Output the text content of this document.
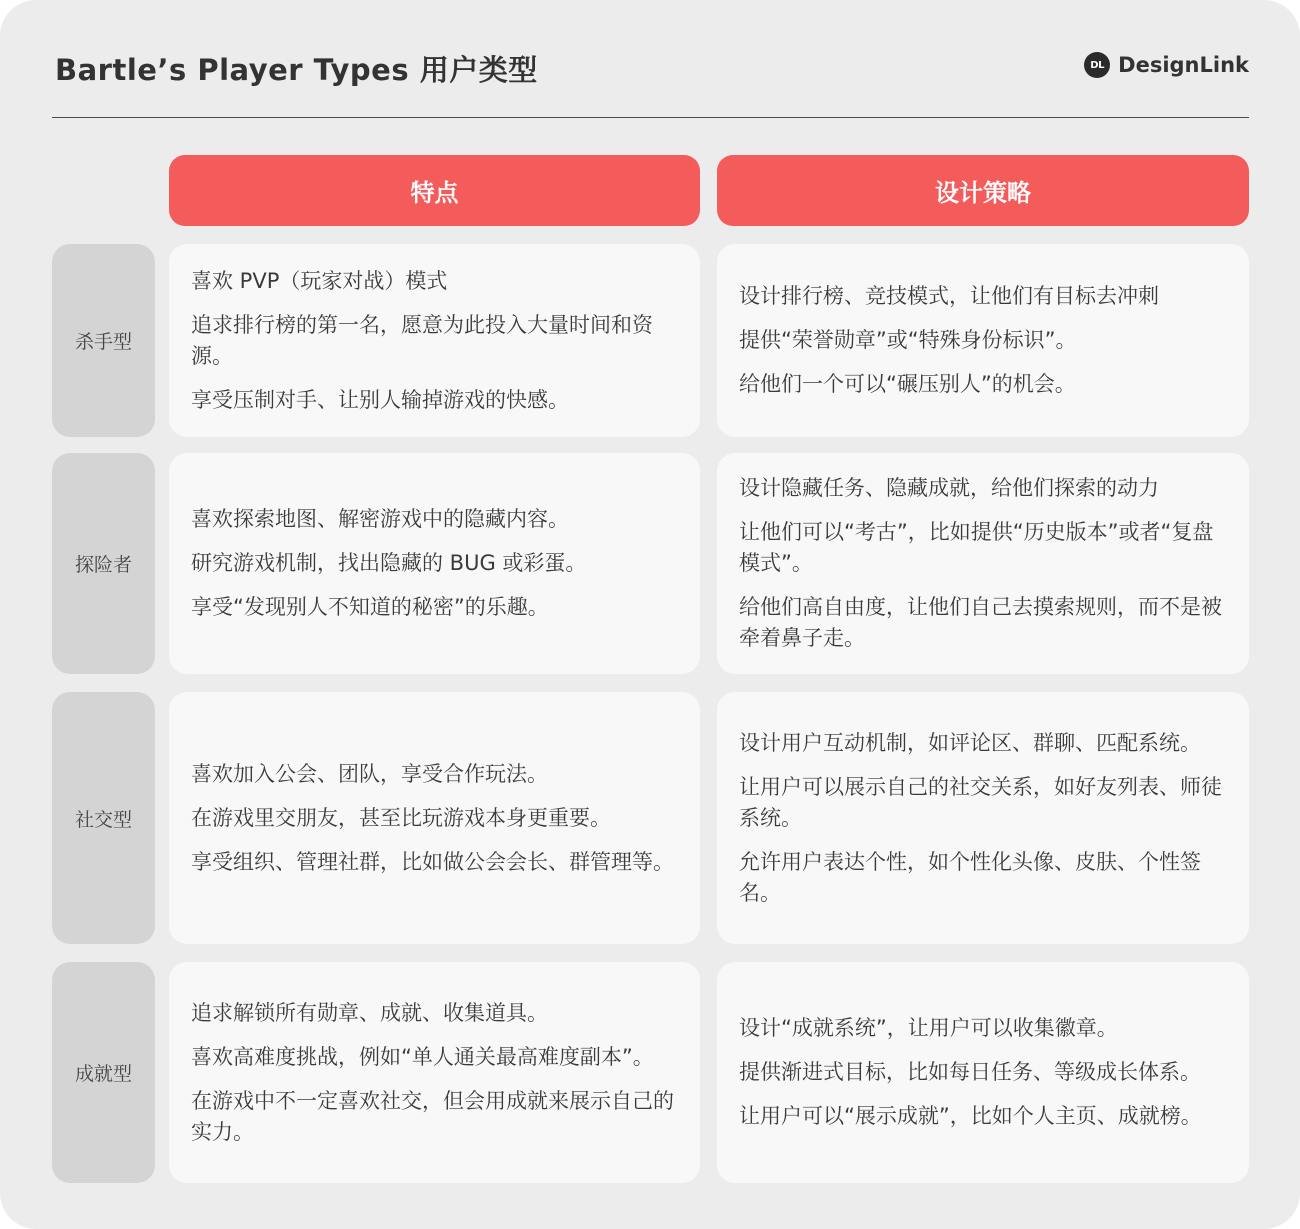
Bartle’s Player Types 用户类型	DL DesignLink
特点	设计策略
杀手型
喜欢 PVP（玩家对战）模式
追求排行榜的第一名，愿意为此投入大量时间和资源。
享受压制对手、让别人输掉游戏的快感。
设计排行榜、竞技模式，让他们有目标去冲刺
提供“荣誉勋章”或“特殊身份标识”。
给他们一个可以“碾压别人”的机会。
探险者
喜欢探索地图、解密游戏中的隐藏内容。
研究游戏机制，找出隐藏的 BUG 或彩蛋。
享受“发现别人不知道的秘密”的乐趣。
设计隐藏任务、隐藏成就，给他们探索的动力
让他们可以“考古”，比如提供“历史版本”或者“复盘模式”。
给他们高自由度，让他们自己去摸索规则，而不是被牵着鼻子走。
社交型
喜欢加入公会、团队，享受合作玩法。
在游戏里交朋友，甚至比玩游戏本身更重要。
享受组织、管理社群，比如做公会会长、群管理等。
设计用户互动机制，如评论区、群聊、匹配系统。
让用户可以展示自己的社交关系，如好友列表、师徒系统。
允许用户表达个性，如个性化头像、皮肤、个性签名。
成就型
追求解锁所有勋章、成就、收集道具。
喜欢高难度挑战，例如“单人通关最高难度副本”。
在游戏中不一定喜欢社交，但会用成就来展示自己的实力。
设计“成就系统”，让用户可以收集徽章。
提供渐进式目标，比如每日任务、等级成长体系。
让用户可以“展示成就”，比如个人主页、成就榜。
